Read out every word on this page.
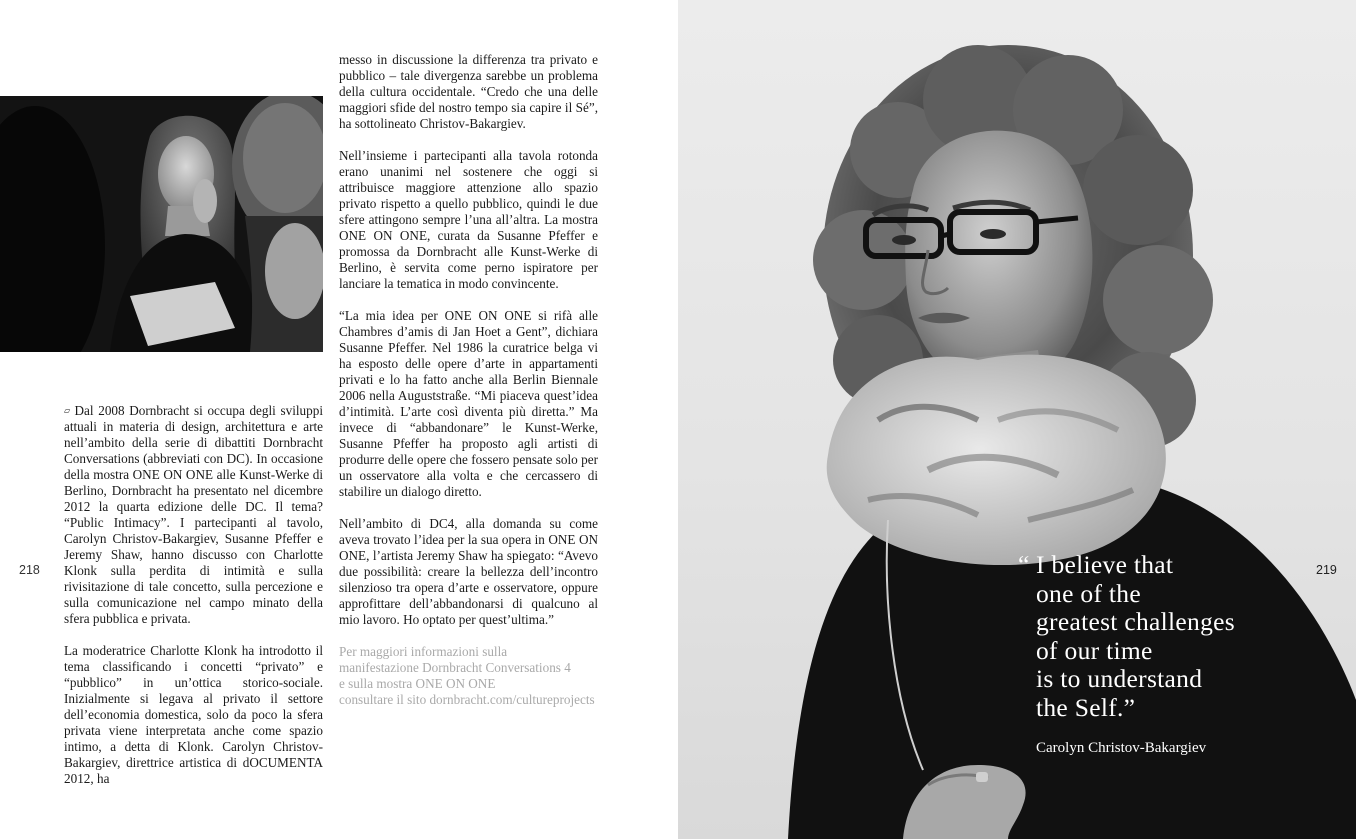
▱ Dal 2008 Dornbracht si occupa degli sviluppi attuali in materia di design, architettura e arte nell’ambito della serie di dibattiti Dornbracht Conversations (abbreviati con DC). In occasione della mostra ONE ON ONE alle Kunst-Werke di Berlino, Dornbracht ha presentato nel dicembre 2012 la quarta edizione delle DC. Il tema? “Public Intimacy”. I partecipanti al tavolo, Carolyn Christov-Bakargiev, Susanne Pfeffer e Jeremy Shaw, hanno discusso con Charlotte Klonk sulla perdita di intimità e sulla rivisitazione di tale concetto, sulla percezione e sulla comunicazione nel campo minato della sfera pubblica e privata.

La moderatrice Charlotte Klonk ha introdotto il tema classificando i concetti “privato” e “pubblico” in un’ottica storico-sociale. Inizialmente si legava al privato il settore dell’economia domestica, solo da poco la sfera privata viene interpretata anche come spazio intimo, a detta di Klonk. Carolyn Christov-Bakargiev, direttrice artistica di dOCUMENTA 2012, ha

messo in discussione la differenza tra privato e pubblico – tale divergenza sarebbe un problema della cultura occidentale. “Credo che una delle maggiori sfide del nostro tempo sia capire il Sé”, ha sottolineato Christov-Bakargiev.

Nell’insieme i partecipanti alla tavola rotonda erano unanimi nel sostenere che oggi si attribuisce maggiore attenzione allo spazio privato rispetto a quello pubblico, quindi le due sfere attingono sempre l’una all’altra. La mostra ONE ON ONE, curata da Susanne Pfeffer e promossa da Dornbracht alle Kunst-Werke di Berlino, è servita come perno ispiratore per lanciare la tematica in modo convincente.

“La mia idea per ONE ON ONE si rifà alle Chambres d’amis di Jan Hoet a Gent”, dichiara Susanne Pfeffer. Nel 1986 la curatrice belga vi ha esposto delle opere d’arte in appartamenti privati e lo ha fatto anche alla Berlin Biennale 2006 nella Auguststraße. “Mi piaceva quest’idea d’intimità. L’arte così diventa più diretta.” Ma invece di “abbandonare” le Kunst-Werke, Susanne Pfeffer ha proposto agli artisti di produrre delle opere che fossero pensate solo per un osservatore alla volta e che cercassero di stabilire un dialogo diretto.

Nell’ambito di DC4, alla domanda su come aveva trovato l’idea per la sua opera in ONE ON ONE, l’artista Jeremy Shaw ha spiegato: “Avevo due possibilità: creare la bellezza dell’incontro silenzioso tra opera d’arte e osservatore, oppure approfittare dell’abbandonarsi di qualcuno al mio lavoro. Ho optato per quest’ultima.”

Per maggiori informazioni sulla
manifestazione Dornbracht Conversations 4
e sulla mostra ONE ON ONE
consultare il sito dornbracht.com/cultureprojects
218	“ I believe that
one of the
greatest challenges
of our time
is to understand
the Self.”
Carolyn Christov-Bakargiev
219
